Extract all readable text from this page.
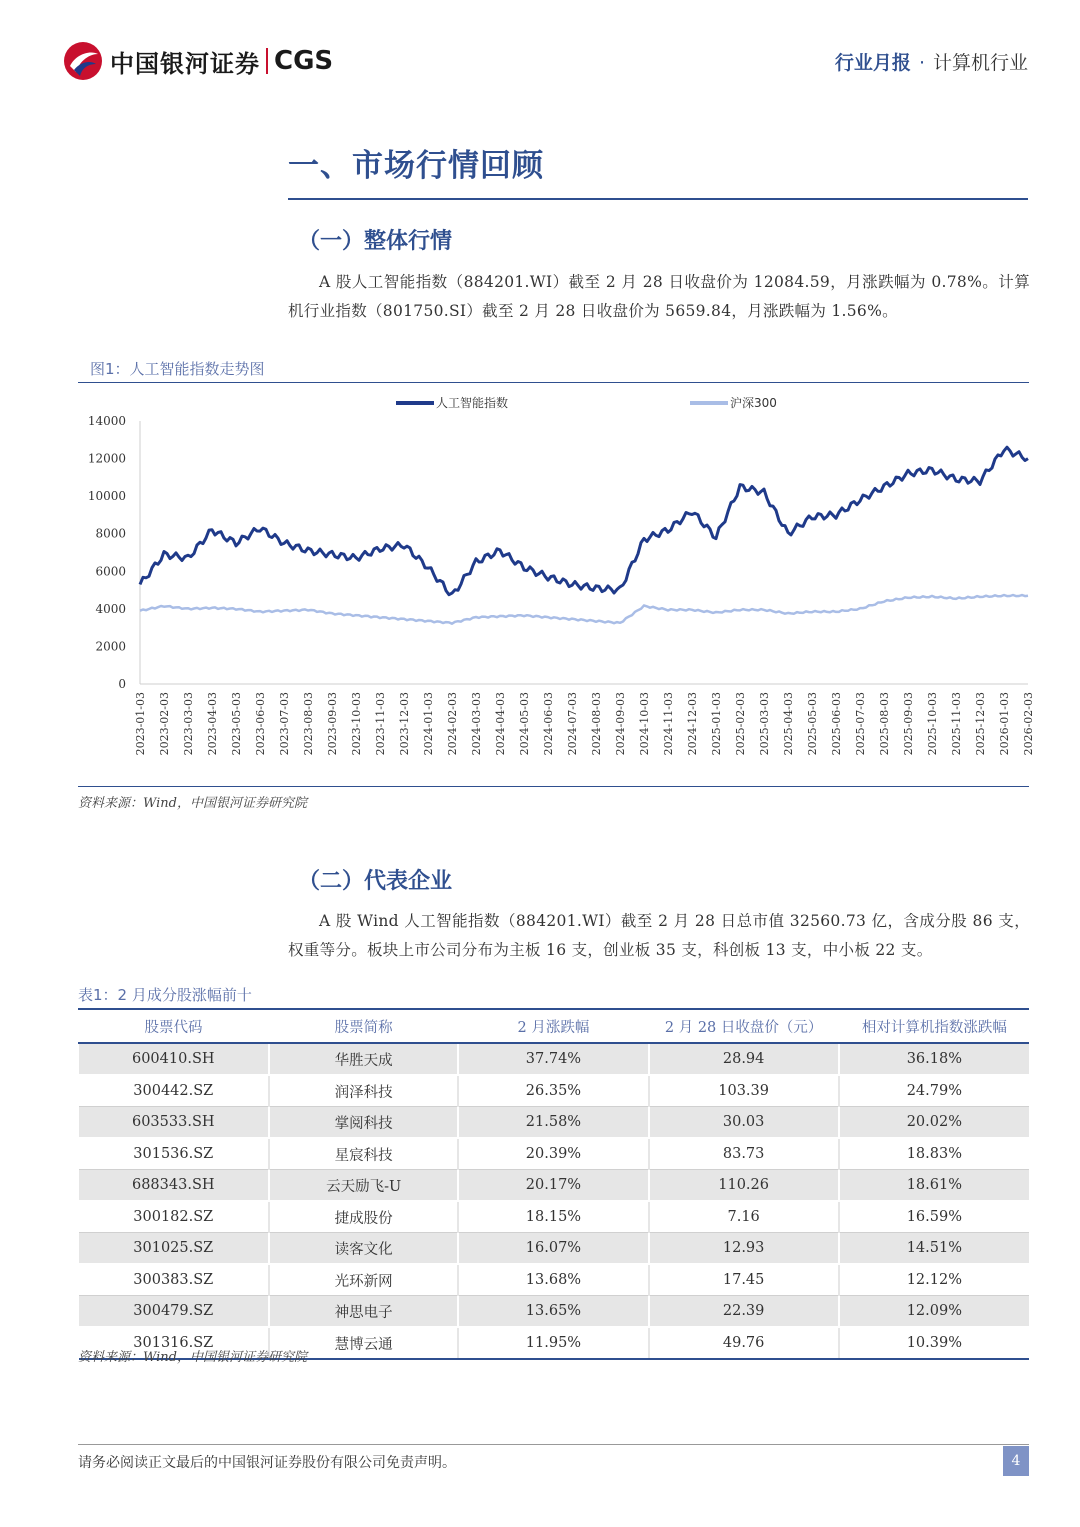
中国银河证券 CGS	行业月报 · 计算机行业
一、市场行情回顾
（一）整体行情
A 股人工智能指数（884201.WI）截至 2 月 28 日收盘价为 12084.59，月涨跌幅为 0.78%。计算机行业指数（801750.SI）截至 2 月 28 日收盘价为 5659.84，月涨跌幅为 1.56%。
图1：人工智能指数走势图
0
2000
4000
6000
8000
10000
12000
14000
2023-01-03 2023-02-03 2023-03-03 2023-04-03 2023-05-03 2023-06-03 2023-07-03 2023-08-03 2023-09-03 2023-10-03 2023-11-03 2023-12-03 2024-01-03 2024-02-03 2024-03-03 2024-04-03 2024-05-03 2024-06-03 2024-07-03 2024-08-03 2024-09-03 2024-10-03 2024-11-03 2024-12-03 2025-01-03 2025-02-03 2025-03-03 2025-04-03 2025-05-03 2025-06-03 2025-07-03 2025-08-03 2025-09-03 2025-10-03 2025-11-03 2025-12-03 2026-01-03 2026-02-03
人工智能指数	沪深300
资料来源：Wind，中国银河证券研究院
（二）代表企业
A 股 Wind 人工智能指数（884201.WI）截至 2 月 28 日总市值 32560.73 亿，含成分股 86 支，权重等分。板块上市公司分布为主板 16 支，创业板 35 支，科创板 13 支，中小板 22 支。
表1：2 月成分股涨幅前十
股票代码	股票简称	2 月涨跌幅	2 月 28 日收盘价（元）	相对计算机指数涨跌幅
600410.SH	华胜天成	37.74%	28.94	36.18%
300442.SZ	润泽科技	26.35%	103.39	24.79%
603533.SH	掌阅科技	21.58%	30.03	20.02%
301536.SZ	星宸科技	20.39%	83.73	18.83%
688343.SH	云天励飞-U	20.17%	110.26	18.61%
300182.SZ	捷成股份	18.15%	7.16	16.59%
301025.SZ	读客文化	16.07%	12.93	14.51%
300383.SZ	光环新网	13.68%	17.45	12.12%
300479.SZ	神思电子	13.65%	22.39	12.09%
301316.SZ	慧博云通	11.95%	49.76	10.39%
资料来源：Wind，中国银河证券研究院
请务必阅读正文最后的中国银河证券股份有限公司免责声明。	4
